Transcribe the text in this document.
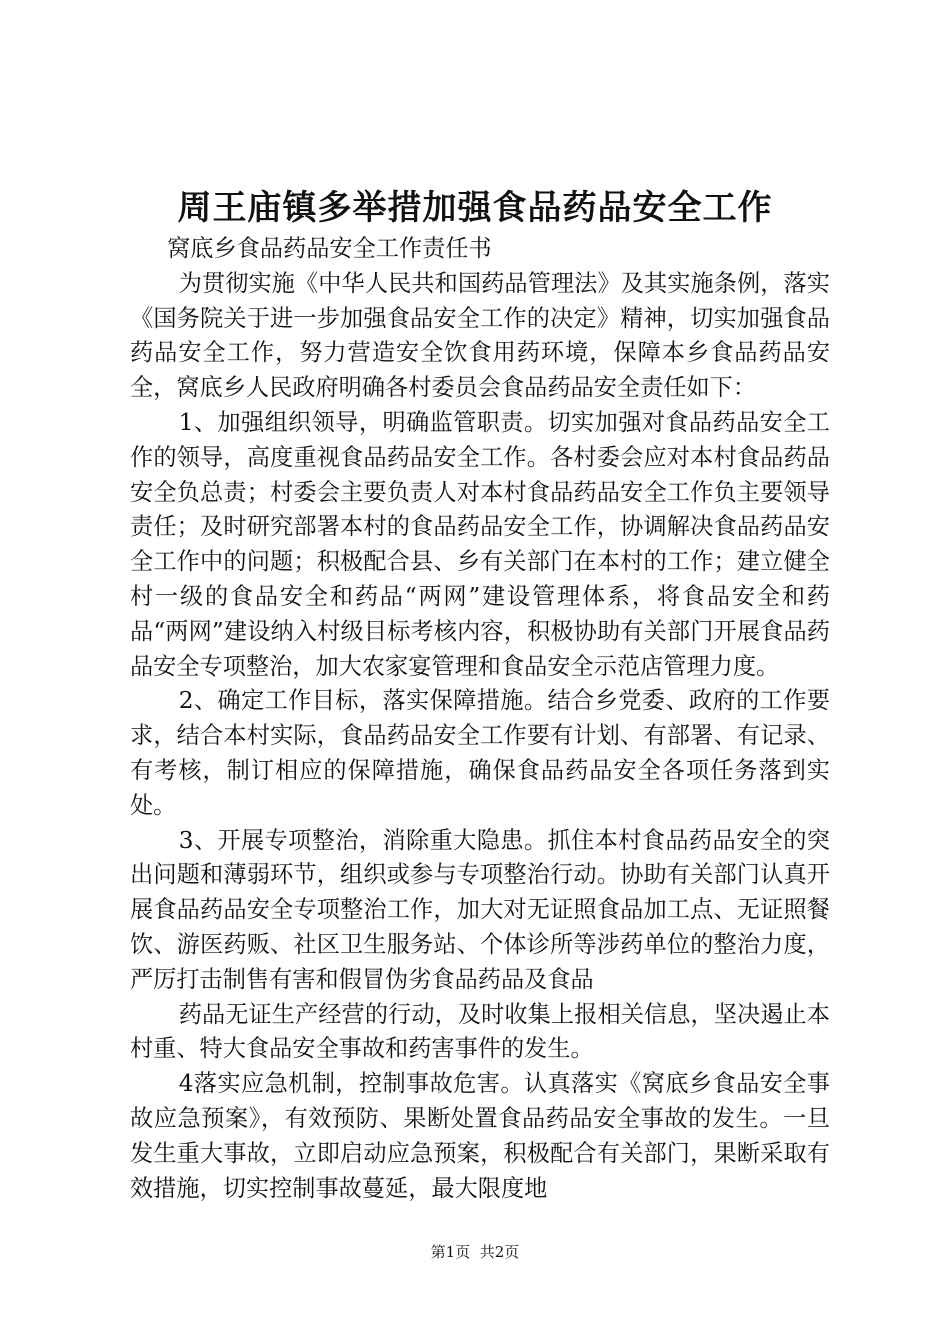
周王庙镇多举措加强食品药品安全工作

窝底乡食品药品安全工作责任书

为贯彻实施《中华人民共和国药品管理法》及其实施条例，落实《国务院关于进一步加强食品安全工作的决定》精神，切实加强食品药品安全工作，努力营造安全饮食用药环境，保障本乡食品药品安全，窝底乡人民政府明确各村委员会食品药品安全责任如下：

1、加强组织领导，明确监管职责。切实加强对食品药品安全工作的领导，高度重视食品药品安全工作。各村委会应对本村食品药品安全负总责；村委会主要负责人对本村食品药品安全工作负主要领导责任；及时研究部署本村的食品药品安全工作，协调解决食品药品安全工作中的问题；积极配合县、乡有关部门在本村的工作；建立健全村一级的食品安全和药品“两网”建设管理体系，将食品安全和药品“两网”建设纳入村级目标考核内容，积极协助有关部门开展食品药品安全专项整治，加大农家宴管理和食品安全示范店管理力度。

2、确定工作目标，落实保障措施。结合乡党委、政府的工作要求，结合本村实际，食品药品安全工作要有计划、有部署、有记录、有考核，制订相应的保障措施，确保食品药品安全各项任务落到实处。

3、开展专项整治，消除重大隐患。抓住本村食品药品安全的突出问题和薄弱环节，组织或参与专项整治行动。协助有关部门认真开展食品药品安全专项整治工作，加大对无证照食品加工点、无证照餐饮、游医药贩、社区卫生服务站、个体诊所等涉药单位的整治力度，严厉打击制售有害和假冒伪劣食品药品及食品

药品无证生产经营的行动，及时收集上报相关信息，坚决遏止本村重、特大食品安全事故和药害事件的发生。

4落实应急机制，控制事故危害。认真落实《窝底乡食品安全事故应急预案》，有效预防、果断处置食品药品安全事故的发生。一旦发生重大事故，立即启动应急预案，积极配合有关部门，果断采取有效措施，切实控制事故蔓延，最大限度地

第1页 共2页
